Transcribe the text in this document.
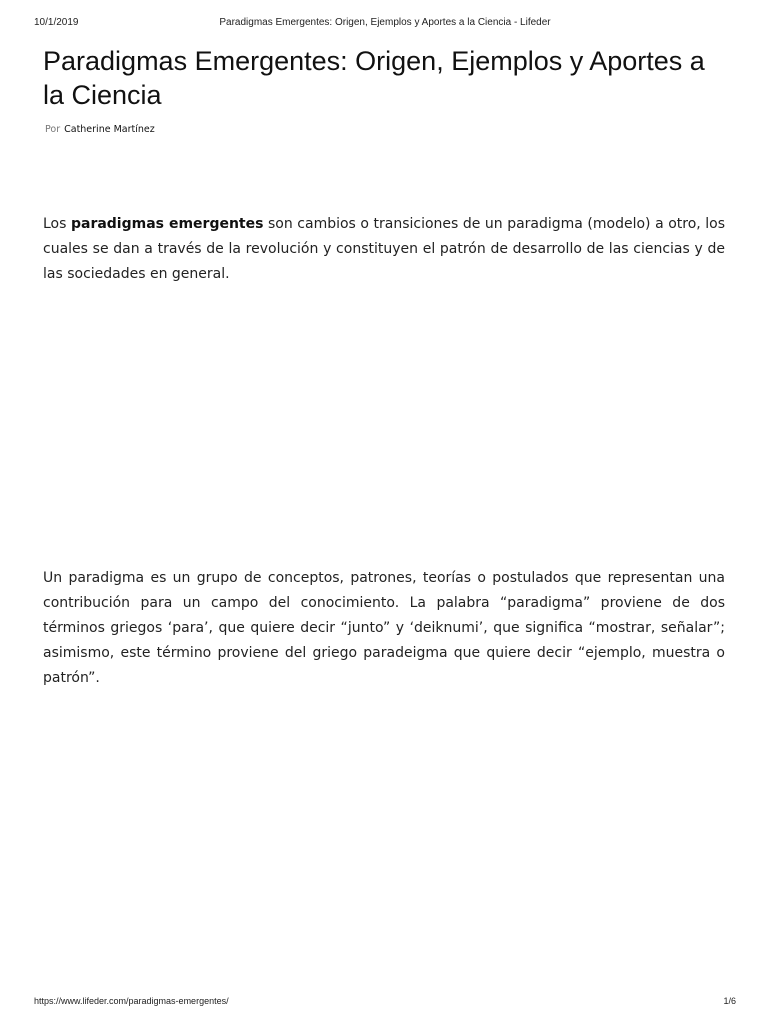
Paradigmas Emergentes: Origen, Ejemplos y Aportes a la Ciencia - Lifeder
10/1/2019
Paradigmas Emergentes: Origen, Ejemplos y Aportes a la Ciencia
Por Catherine Martínez

Los paradigmas emergentes son cambios o transiciones de un paradigma (modelo) a otro, los cuales se dan a través de la revolución y constituyen el patrón de desarrollo de las ciencias y de las sociedades en general.

Un paradigma es un grupo de conceptos, patrones, teorías o postulados que representan una contribución para un campo del conocimiento. La palabra “paradigma” proviene de dos términos griegos ‘para’, que quiere decir “junto” y ‘deiknumi’, que significa “mostrar, señalar”; asimismo, este término proviene del griego paradeigma que quiere decir “ejemplo, muestra o patrón”.

https://www.lifeder.com/paradigmas-emergentes/	1/6
